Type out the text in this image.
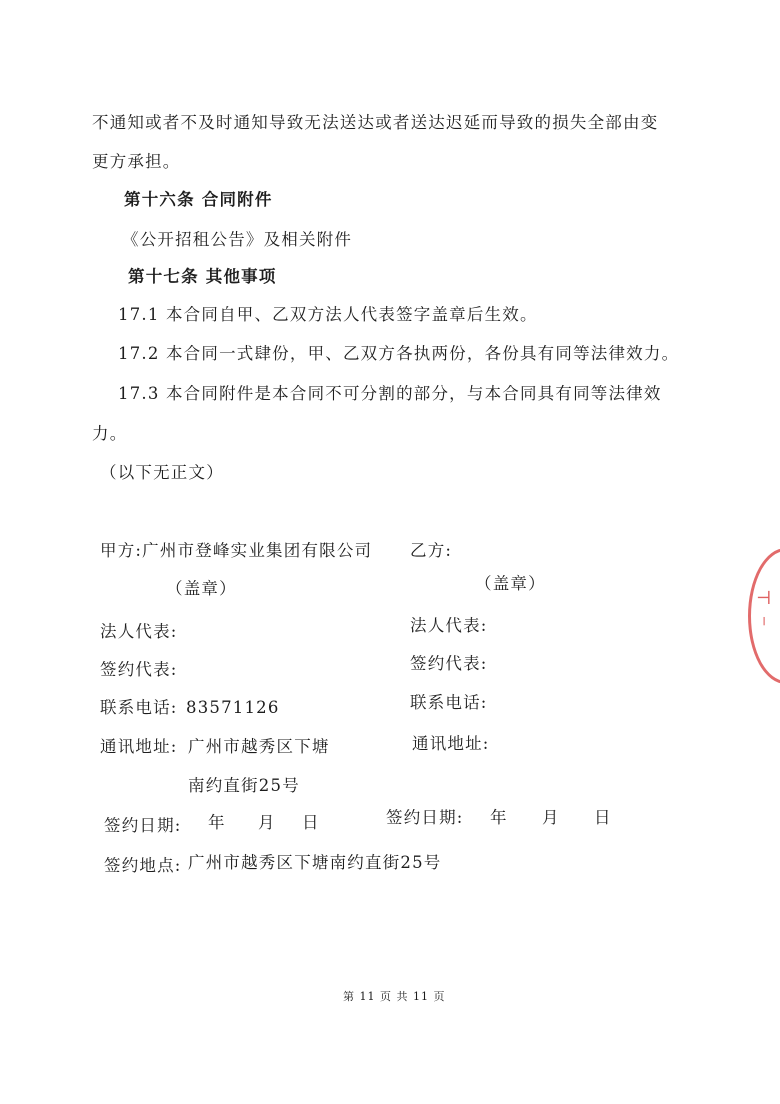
不通知或者不及时通知导致无法送达或者送达迟延而导致的损失全部由变
更方承担。
第十六条 合同附件
《公开招租公告》及相关附件
第十七条 其他事项
17.1 本合同自甲、乙双方法人代表签字盖章后生效。
17.2 本合同一式肆份，甲、乙双方各执两份，各份具有同等法律效力。
17.3 本合同附件是本合同不可分割的部分，与本合同具有同等法律效
力。
（以下无正文）
甲方:广州市登峰实业集团有限公司
（盖章）
法人代表:
签约代表:
联系电话: 83571126
通讯地址: 广州市越秀区下塘
南约直街25号
签约日期: 年 月 日
乙方:
（盖章）
法人代表:
签约代表:
联系电话:
通讯地址:
签约日期: 年 月 日
签约地点: 广州市越秀区下塘南约直街25号
⊣
╵
第 11 页 共 11 页
